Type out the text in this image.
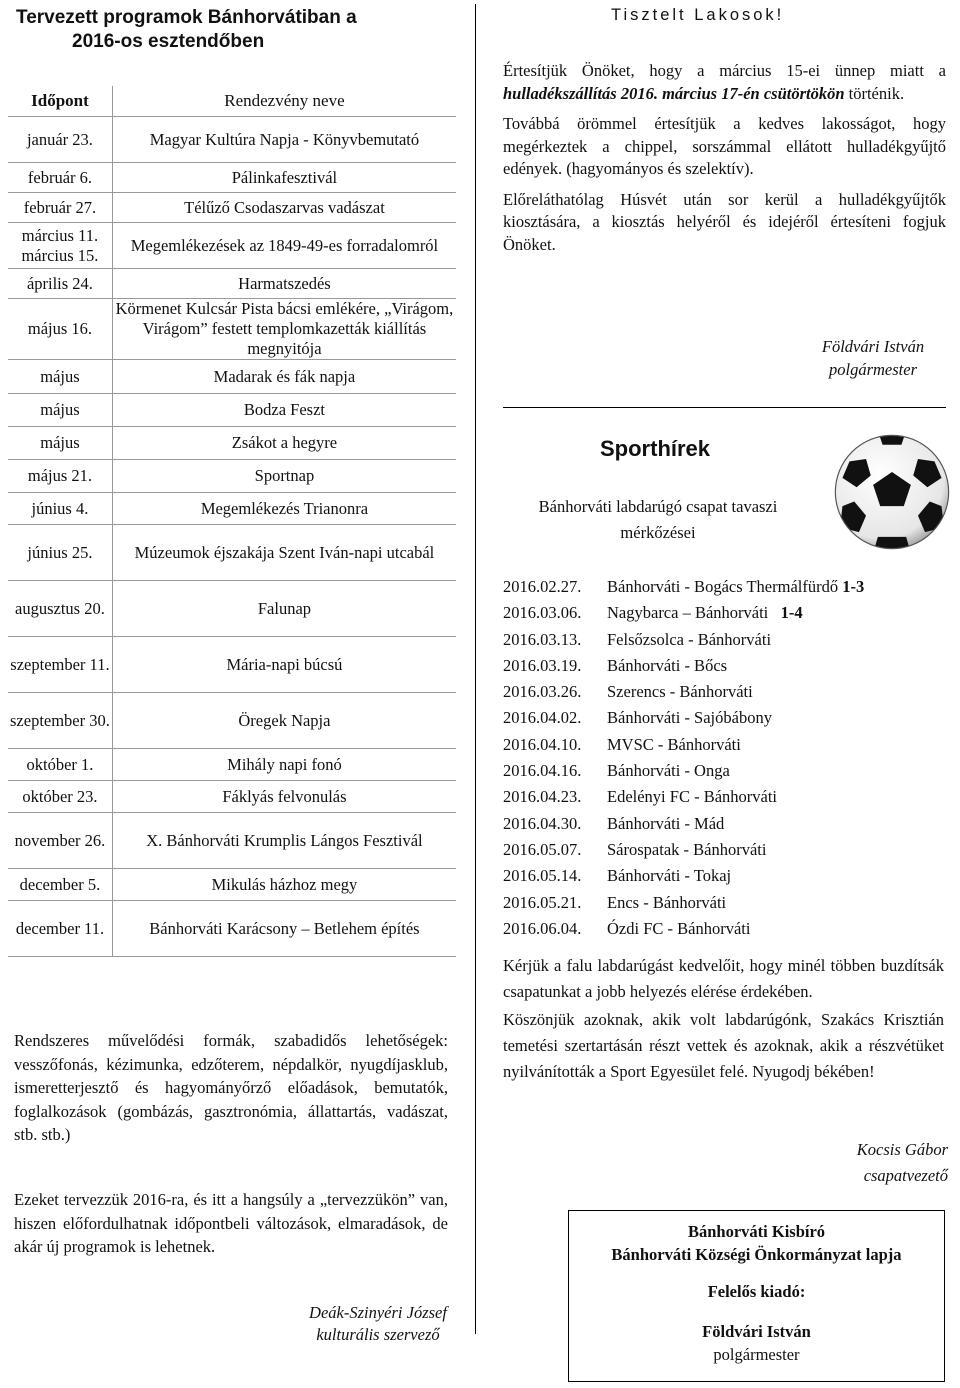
Tervezett programok Bánhorvátiban a
2016-os esztendőben
Időpont	Rendezvény neve
január 23.	Magyar Kultúra Napja - Könyvbemutató
február 6.	Pálinkafesztivál
február 27.	Télűző Csodaszarvas vadászat
március 11. március 15.	Megemlékezések az 1849-49-es forradalomról
április 24.	Harmatszedés
május 16.	Körmenet Kulcsár Pista bácsi emlékére, „Virágom, Virágom” festett templomkazetták kiállítás megnyitója
május	Madarak és fák napja
május	Bodza Feszt
május	Zsákot a hegyre
május 21.	Sportnap
június 4.	Megemlékezés Trianonra
június 25.	Múzeumok éjszakája Szent Iván-napi utcabál
augusztus 20.	Falunap
szeptember 11.	Mária-napi búcsú
szeptember 30.	Öregek Napja
október 1.	Mihály napi fonó
október 23.	Fáklyás felvonulás
november 26.	X. Bánhorváti Krumplis Lángos Fesztivál
december 5.	Mikulás házhoz megy
december 11.	Bánhorváti Karácsony – Betlehem építés
Rendszeres művelődési formák, szabadidős lehetőségek: vesszőfonás, kézimunka, edzőterem, népdalkör, nyugdíjasklub, ismeretterjesztő és hagyományőrző előadások, bemutatók, foglalkozások (gombázás, gasztronómia, állattartás, vadászat, stb. stb.)
Ezeket tervezzük 2016-ra, és itt a hangsúly a „tervezzükön” van, hiszen előfordulhatnak időpontbeli változások, elmaradások, de akár új programok is lehetnek.
Deák-Szinyéri József
kulturális szervező
Tisztelt Lakosok!

Értesítjük Önöket, hogy a március 15-ei ünnep miatt a hulladékszállítás 2016. március 17-én csütörtökön történik.

Továbbá örömmel értesítjük a kedves lakosságot, hogy megérkeztek a chippel, sorszámmal ellátott hulladékgyűjtő edények. (hagyományos és szelektív).

Előreláthatólag Húsvét után sor kerül a hulladékgyűjtők kiosztására, a kiosztás helyéről és idejéről értesíteni fogjuk Önöket.

Földvári István
polgármester
Sporthírek
Bánhorváti labdarúgó csapat tavaszi mérkőzései
2016.02.27. Bánhorváti - Bogács Thermálfürdő 1-3
2016.03.06. Nagybarca – Bánhorváti   1-4
2016.03.13. Felsőzsolca - Bánhorváti
2016.03.19. Bánhorváti - Bőcs
2016.03.26. Szerencs - Bánhorváti
2016.04.02. Bánhorváti - Sajóbábony
2016.04.10. MVSC - Bánhorváti
2016.04.16. Bánhorváti - Onga
2016.04.23. Edelényi FC - Bánhorváti
2016.04.30. Bánhorváti - Mád
2016.05.07. Sárospatak - Bánhorváti
2016.05.14. Bánhorváti - Tokaj
2016.05.21. Encs - Bánhorváti
2016.06.04. Ózdi FC - Bánhorváti

Kérjük a falu labdarúgást kedvelőit, hogy minél többen buzdítsák csapatunkat a jobb helyezés elérése érdekében.

Köszönjük azoknak, akik volt labdarúgónk, Szakács Krisztián temetési szertartásán részt vettek és azoknak, akik a részvétüket nyilvánították a Sport Egyesület felé. Nyugodj békében!

Kocsis Gábor
csapatvezető
Bánhorváti Kisbíró
Bánhorváti Községi Önkormányzat lapja
Felelős kiadó:
Földvári István
polgármester
